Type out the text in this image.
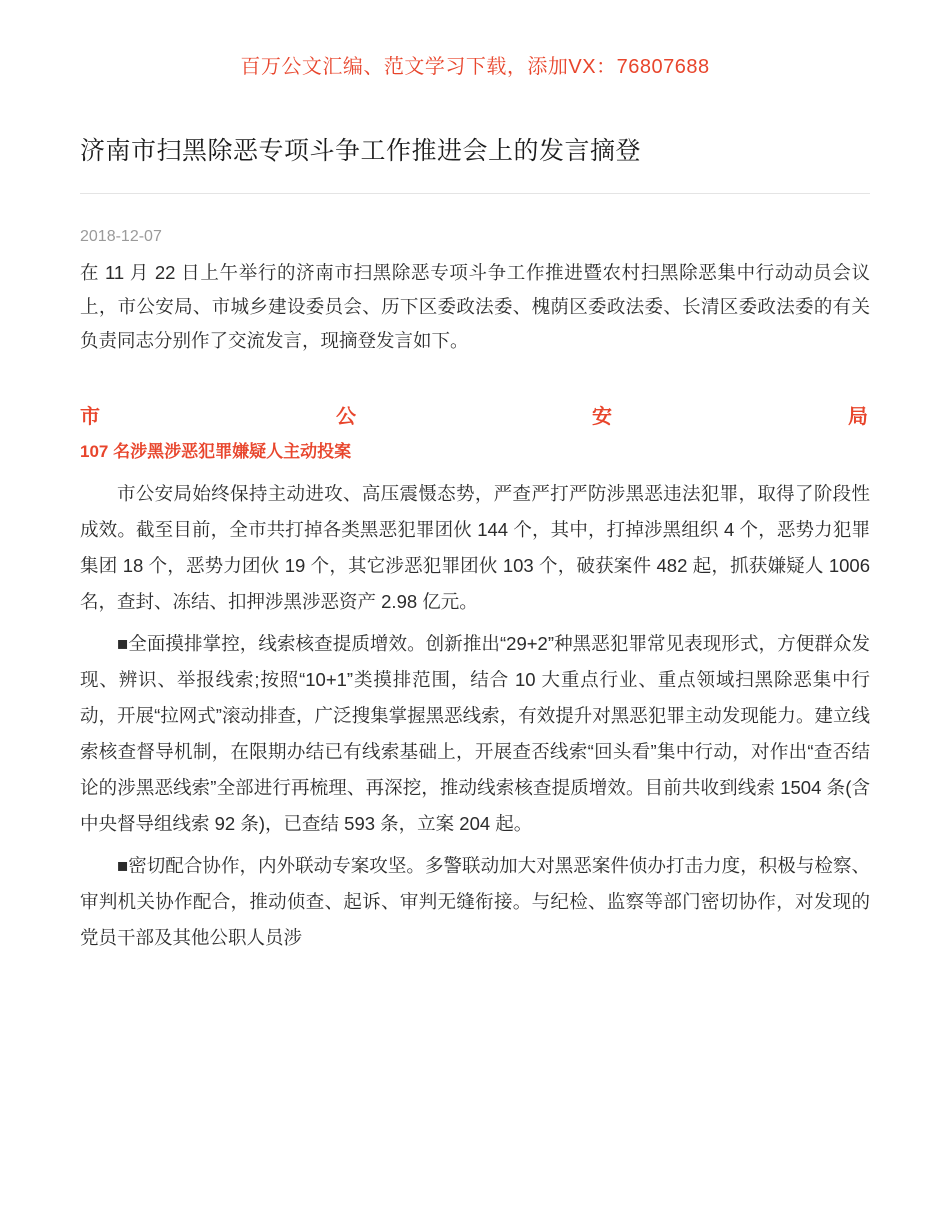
百万公文汇编、范文学习下载，添加VX：76807688
济南市扫黑除恶专项斗争工作推进会上的发言摘登
2018-12-07

在 11 月 22 日上午举行的济南市扫黑除恶专项斗争工作推进暨农村扫黑除恶集中行动动员会议上，市公安局、市城乡建设委员会、历下区委政法委、槐荫区委政法委、长清区委政法委的有关负责同志分别作了交流发言，现摘登发言如下。

市	公	安	局
107 名涉黑涉恶犯罪嫌疑人主动投案

市公安局始终保持主动进攻、高压震慑态势，严查严打严防涉黑恶违法犯罪，取得了阶段性成效。截至目前，全市共打掉各类黑恶犯罪团伙 144 个，其中，打掉涉黑组织 4 个，恶势力犯罪集团 18 个，恶势力团伙 19 个，其它涉恶犯罪团伙 103 个，破获案件 482 起，抓获嫌疑人 1006 名，查封、冻结、扣押涉黑涉恶资产 2.98 亿元。

■全面摸排掌控，线索核查提质增效。创新推出“29+2”种黑恶犯罪常见表现形式，方便群众发现、辨识、举报线索;按照“10+1”类摸排范围，结合 10 大重点行业、重点领域扫黑除恶集中行动，开展“拉网式”滚动排查，广泛搜集掌握黑恶线索，有效提升对黑恶犯罪主动发现能力。建立线索核查督导机制，在限期办结已有线索基础上，开展查否线索“回头看”集中行动，对作出“查否结论的涉黑恶线索”全部进行再梳理、再深挖，推动线索核查提质增效。目前共收到线索 1504 条(含中央督导组线索 92 条)，已查结 593 条，立案 204 起。

■密切配合协作，内外联动专案攻坚。多警联动加大对黑恶案件侦办打击力度，积极与检察、审判机关协作配合，推动侦查、起诉、审判无缝衔接。与纪检、监察等部门密切协作，对发现的党员干部及其他公职人员涉
